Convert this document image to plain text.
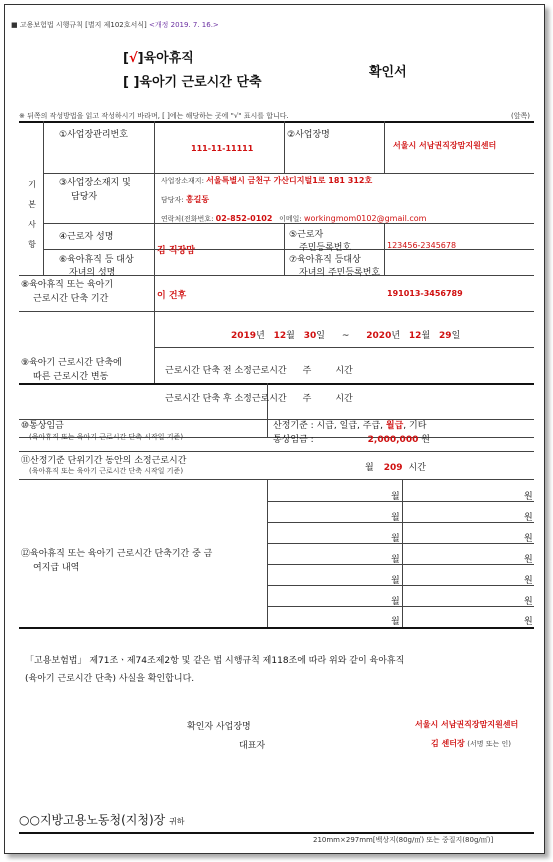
■ 고용보험법 시행규칙 [별지 제102호서식] <개정 2019. 7. 16.>
[√]육아휴직
[ ]육아기 근로시간 단축
확인서
※ 뒤쪽의 작성방법을 읽고 작성하시기 바라며, [ ]에는 해당하는 곳에 "√" 표시를 합니다.	(앞쪽)
기
본
사
항
①사업장관리번호
111-11-11111
②사업장명
서울시 서남권직장맘지원센터
③사업장소재지 및
담당자
사업장소재지: 서울특별시 금천구 가산디지털1로 181 312호
담당자: 홍길동
연락처(전화번호: 02-852-0102 이메일: workingmom0102@gmail.com
④근로자 성명
김 직장맘
⑤근로자
주민등록번호	123456-2345678
⑥육아휴직 등 대상
자녀의 성명
이 건후
⑦육아휴직 등대상
자녀의 주민등록번호
191013-3456789
⑧육아휴직 또는 육아기
근로시간 단축 기간
2019년 12월 30일 ~ 2020년 12월 29일
⑨육아기 근로시간 단축에
따른 근로시간 변동
근로시간 단축 전 소정근로시간 주	시간
근로시간 단축 후 소정근로시간 주	시간
⑩통상임금
(육아휴직 또는 육아기 근로시간 단축 시작일 기준)
산정기준 : 시급, 일급, 주급, 월급, 기타
통상임금 :	2,000,000 원
⑪산정기준 단위기간 동안의 소정근로시간
(육아휴직 또는 육아기 근로시간 단축 시작일 기준)	월 209 시간
⑫육아휴직 또는 육아기 근로시간 단축기간 중 금
여지급 내역
월	원
월	원
월	원
월	원
월	원
월	원
월	원
「고용보험법」 제71조ㆍ제74조제2항 및 같은 법 시행규칙 제118조에 따라 위와 같이 육아휴직
(육아기 근로시간 단축) 사실을 확인합니다.
확인자 사업장명	서울시 서남권직장맘지원센터
대표자	김 센터장 (서명 또는 인)
○○지방고용노동청(지청)장 귀하
210mm×297mm[백상지(80g/㎡) 또는 중질지(80g/㎡)]
